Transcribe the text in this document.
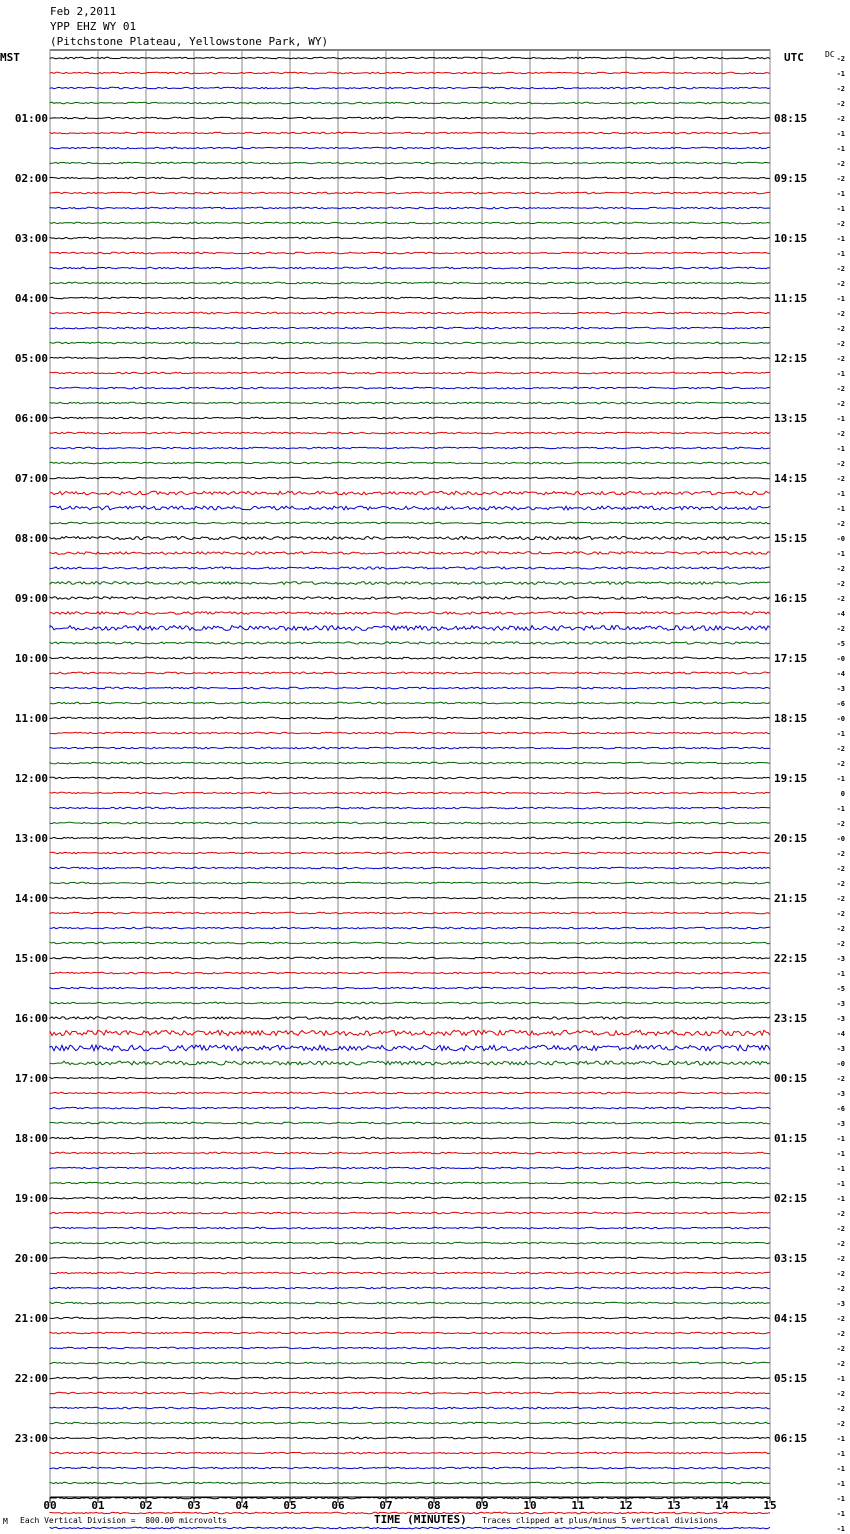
Feb 2,2011
YPP EHZ WY 01
(Pitchstone Plateau, Yellowstone Park, WY)
MST	UTC	DC
00	01	02	03	04	05	06	07	08	09	10	11	12	13	14	15
-2
-1
-2
-2
-2
-1
-1
-2
-2
-1
-1
-2
-1
-1
-2
-2
-1
-2
-2
-2
-2
-1
-2
-2
-1
-2
-1
-2
-2
-1
-1
-2
-0
-1
-2
-2
-2
-4
-2
-5
-0
-4
-3
-6
-0
-1
-2
-2
-1
0
-1
-2
-0
-2
-2
-2
-2
-2
-2
-2
-3
-1
-5
-3
-3
-4
-3
-0
-2
-3
-6
-3
-1
-1
-1
-1
-1
-2
-2
-2
-2
-2
-2
-3
-2
-2
-2
-2
-1
-2
-2
-2
-1
-1
-1
-1
-1
-1
-1
01:00	08:15
02:00	09:15
03:00	10:15
04:00	11:15
05:00	12:15
06:00	13:15
07:00	14:15
08:00	15:15
09:00	16:15
10:00	17:15
11:00	18:15
12:00	19:15
13:00	20:15
14:00	21:15
15:00	22:15
16:00	23:15
17:00	00:15
18:00	01:15
19:00	02:15
20:00	03:15
21:00	04:15
22:00	05:15
23:00	06:15
M Each Vertical Division =  800.00 microvolts	TIME (MINUTES) Traces clipped at plus/minus 5 vertical divisions
